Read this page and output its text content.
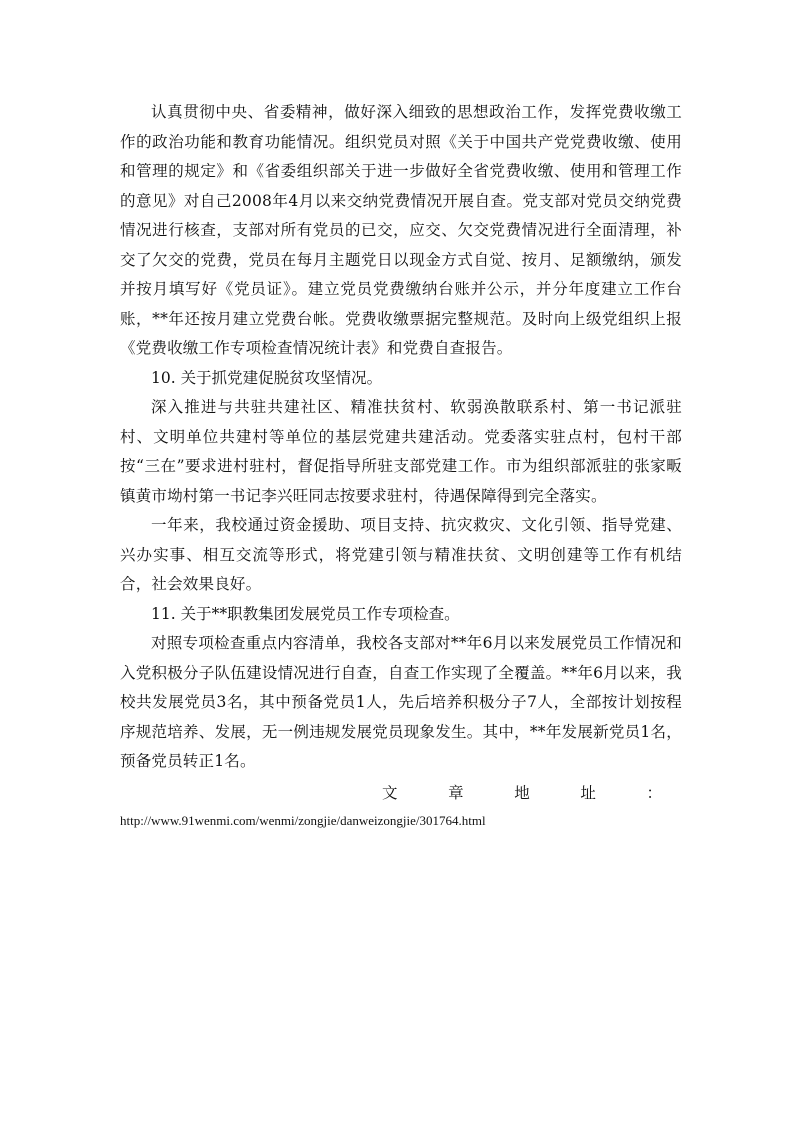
认真贯彻中央、省委精神，做好深入细致的思想政治工作，发挥党费收缴工作的政治功能和教育功能情况。组织党员对照《关于中国共产党党费收缴、使用和管理的规定》和《省委组织部关于进一步做好全省党费收缴、使用和管理工作的意见》对自己2008年4月以来交纳党费情况开展自查。党支部对党员交纳党费情况进行核查，支部对所有党员的已交，应交、欠交党费情况进行全面清理，补交了欠交的党费，党员在每月主题党日以现金方式自觉、按月、足额缴纳，颁发并按月填写好《党员证》。建立党员党费缴纳台账并公示，并分年度建立工作台账，**年还按月建立党费台帐。党费收缴票据完整规范。及时向上级党组织上报《党费收缴工作专项检查情况统计表》和党费自查报告。

10. 关于抓党建促脱贫攻坚情况。

深入推进与共驻共建社区、精准扶贫村、软弱涣散联系村、第一书记派驻村、文明单位共建村等单位的基层党建共建活动。党委落实驻点村，包村干部按“三在”要求进村驻村，督促指导所驻支部党建工作。市为组织部派驻的张家畈镇黄市坳村第一书记李兴旺同志按要求驻村，待遇保障得到完全落实。

一年来，我校通过资金援助、项目支持、抗灾救灾、文化引领、指导党建、兴办实事、相互交流等形式，将党建引领与精准扶贫、文明创建等工作有机结合，社会效果良好。

11. 关于**职教集团发展党员工作专项检查。

对照专项检查重点内容清单，我校各支部对**年6月以来发展党员工作情况和入党积极分子队伍建设情况进行自查，自查工作实现了全覆盖。**年6月以来，我校共发展党员3名，其中预备党员1人，先后培养积极分子7人，全部按计划按程序规范培养、发展，无一例违规发展党员现象发生。其中，**年发展新党员1名，预备党员转正1名。

文	章	地	址	：

http://www.91wenmi.com/wenmi/zongjie/danweizongjie/301764.html
